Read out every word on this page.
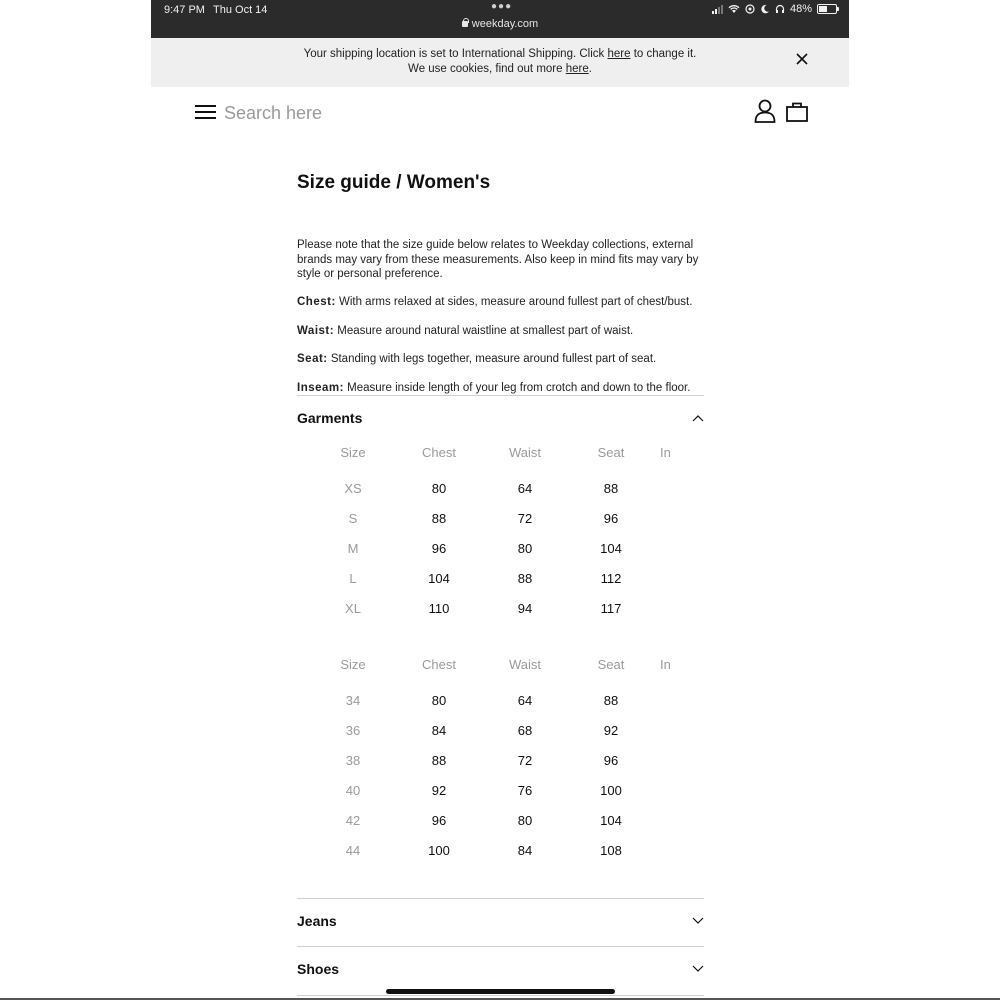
9:47 PM Thu Oct 14	●●●
weekday.com
48%
Your shipping location is set to International Shipping. Click here to change it.
We use cookies, find out more here.
Search here
Size guide / Women's

Please note that the size guide below relates to Weekday collections, external brands may vary from these measurements. Also keep in mind fits may vary by style or personal preference.

Chest: With arms relaxed at sides, measure around fullest part of chest/bust.
Waist: Measure around natural waistline at smallest part of waist.
Seat: Standing with legs together, measure around fullest part of seat.
Inseam: Measure inside length of your leg from crotch and down to the floor.
Garments
Size	Chest	Waist	Seat	In
XS	80	64	88
S	88	72	96
M	96	80	104
L	104	88	112
XL	110	94	117
Size	Chest	Waist	Seat	In
34	80	64	88
36	84	68	92
38	88	72	96
40	92	76	100
42	96	80	104
44	100	84	108
Jeans
Shoes
